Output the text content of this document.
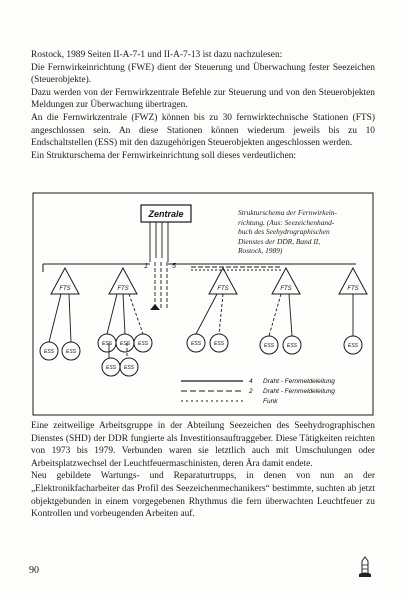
Rostock, 1989 Seiten II-A-7-1 und II-A-7-13 ist dazu nachzulesen:

Die Fernwirkeinrichtung (FWE) dient der Steuerung und Überwachung fester Seezeichen (Steuerobjekte).

Dazu werden von der Fernwirkzentrale Befehle zur Steuerung und von den Steuerobjekten Meldungen zur Überwachung übertragen.

An die Fernwirkzentrale (FWZ) können bis zu 30 fernwirktechnische Stationen (FTS) angeschlossen sein. An diese Stationen können wiederum jeweils bis zu 10 Endschaltstellen (ESS) mit den dazugehörigen Steuerobjekten angeschlossen werden.

Ein Strukturschema der Fernwirkeinrichtung soll dieses verdeutlichen:

Zentrale
1	5
FTS	FTS	FTS	FTS	FTS
ESS ESS
ESS ESS ESS
ESS ESS
ESS	ESS	ESS	ESS	ESS
4 Draht - Fernmeldeleitung
2 Draht - Fernmeldeleitung
Funk
Strukturschema der Fernwirkein-
richtung. (Aus: Seezeichenhand-
buch des Seehydrographischen
Dienstes der DDR, Band II,
Rostock, 1989)

Eine zeitweilige Arbeitsgruppe in der Abteilung Seezeichen des Seehydrographischen Dienstes (SHD) der DDR fungierte als Investitionsauftraggeber. Diese Tätigkeiten reichten von 1973 bis 1979. Verbunden waren sie letztlich auch mit Umschulungen oder Arbeitsplatzwechsel der Leuchtfeuermaschinisten, deren Ära damit endete.

Neu gebildete Wartungs- und Reparaturtrupps, in denen von nun an der „Elektronikfacharbeiter das Profil des Seezeichenmechanikers“ bestimmte, suchten ab jetzt objektgebunden in einem vorgegebenen Rhythmus die fern überwachten Leuchtfeuer zu Kontrollen und vorbeugenden Arbeiten auf.

90
